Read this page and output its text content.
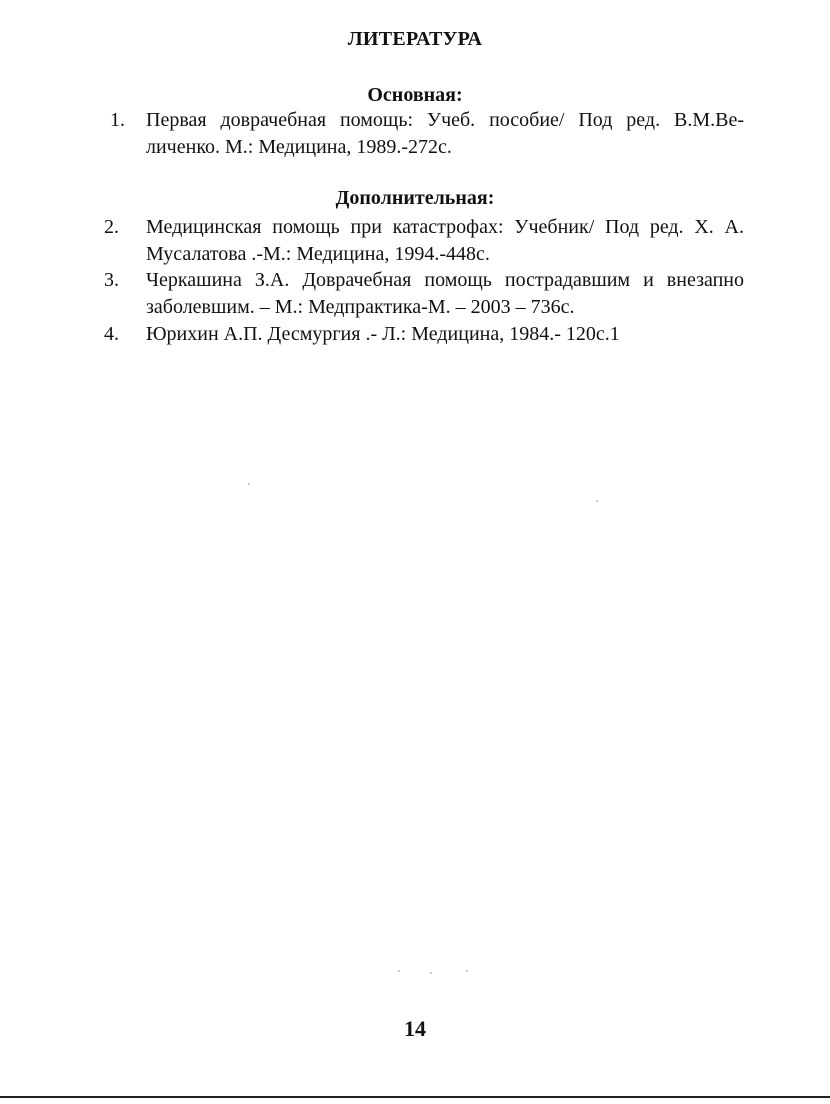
ЛИТЕРАТУРА
Основная:
1.	Первая доврачебная помощь: Учеб. пособие/ Под ред. В.М.Ве-личенко. М.: Медицина, 1989.-272с.
Дополнительная:
2.	Медицинская помощь при катастрофах: Учебник/ Под ред. Х. А. Мусалатова .-М.: Медицина, 1994.-448с.
3.	Черкашина З.А. Доврачебная помощь пострадавшим и внезапно заболевшим. – М.: Медпрактика-М. – 2003 – 736с.
4.	Юрихин А.П. Десмургия .- Л.: Медицина, 1984.- 120с.1
14
